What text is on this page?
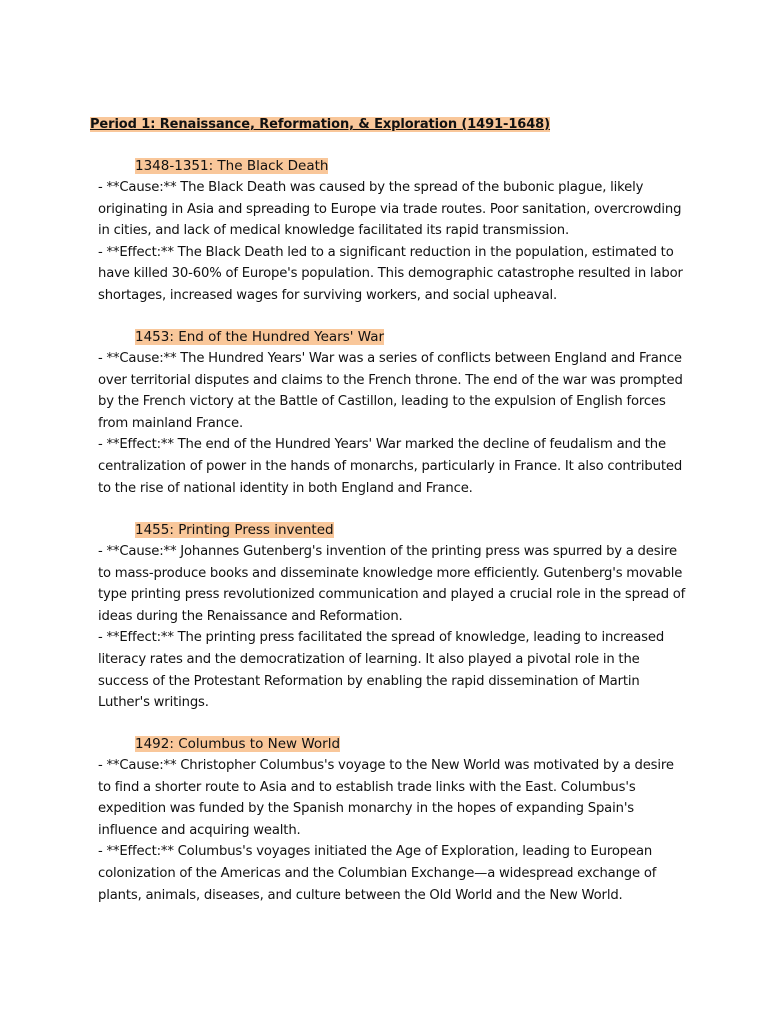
Period 1: Renaissance, Reformation, & Exploration (1491-1648)
1348-1351: The Black Death

- **Cause:** The Black Death was caused by the spread of the bubonic plague, likely originating in Asia and spreading to Europe via trade routes. Poor sanitation, overcrowding in cities, and lack of medical knowledge facilitated its rapid transmission.

- **Effect:** The Black Death led to a significant reduction in the population, estimated to have killed 30-60% of Europe's population. This demographic catastrophe resulted in labor shortages, increased wages for surviving workers, and social upheaval.

1453: End of the Hundred Years' War

- **Cause:** The Hundred Years' War was a series of conflicts between England and France over territorial disputes and claims to the French throne. The end of the war was prompted by the French victory at the Battle of Castillon, leading to the expulsion of English forces from mainland France.

- **Effect:** The end of the Hundred Years' War marked the decline of feudalism and the centralization of power in the hands of monarchs, particularly in France. It also contributed to the rise of national identity in both England and France.

1455: Printing Press invented

- **Cause:** Johannes Gutenberg's invention of the printing press was spurred by a desire to mass-produce books and disseminate knowledge more efficiently. Gutenberg's movable type printing press revolutionized communication and played a crucial role in the spread of ideas during the Renaissance and Reformation.

- **Effect:** The printing press facilitated the spread of knowledge, leading to increased literacy rates and the democratization of learning. It also played a pivotal role in the success of the Protestant Reformation by enabling the rapid dissemination of Martin Luther's writings.

1492: Columbus to New World

- **Cause:** Christopher Columbus's voyage to the New World was motivated by a desire to find a shorter route to Asia and to establish trade links with the East. Columbus's expedition was funded by the Spanish monarchy in the hopes of expanding Spain's influence and acquiring wealth.

- **Effect:** Columbus's voyages initiated the Age of Exploration, leading to European colonization of the Americas and the Columbian Exchange—a widespread exchange of plants, animals, diseases, and culture between the Old World and the New World.
